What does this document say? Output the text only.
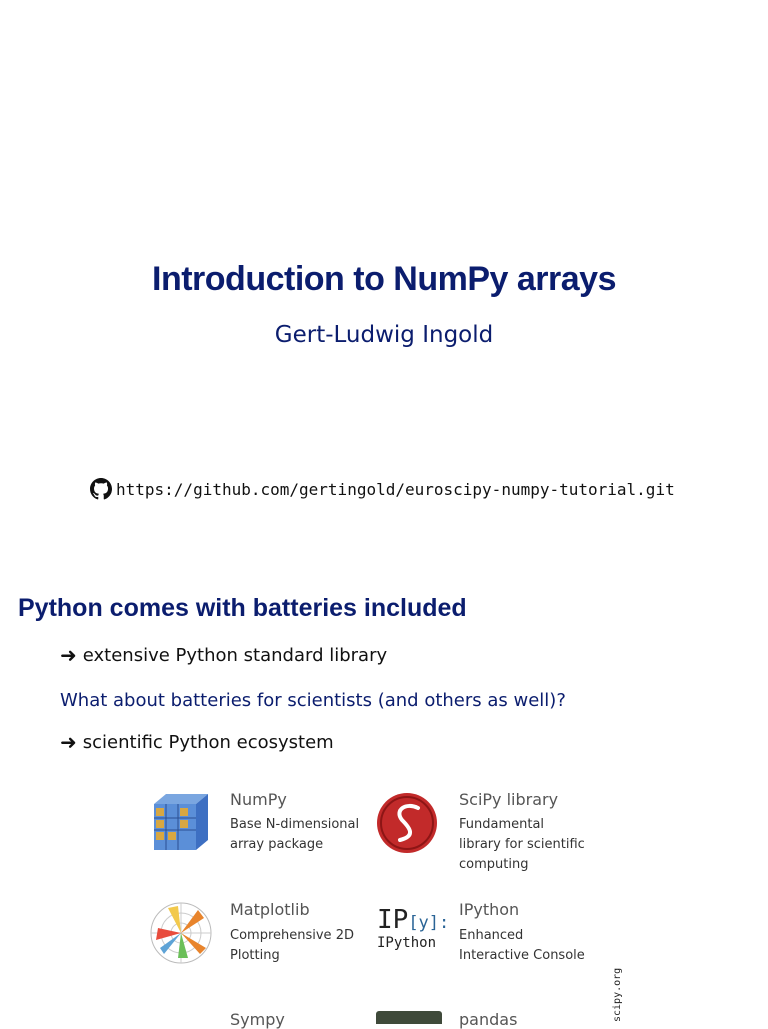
Introduction to NumPy arrays
Gert-Ludwig Ingold
https://github.com/gertingold/euroscipy-numpy-tutorial.git
Python comes with batteries included
➜ extensive Python standard library
What about batteries for scientists (and others as well)?
➜ scientific Python ecosystem
NumPy
Base N-dimensional
array package
SciPy library
Fundamental
library for scientific
computing
Matplotlib
Comprehensive 2D
Plotting
IP[y]:
IPython
IPython
Enhanced
Interactive Console
Sympy	pandas	scipy.org
